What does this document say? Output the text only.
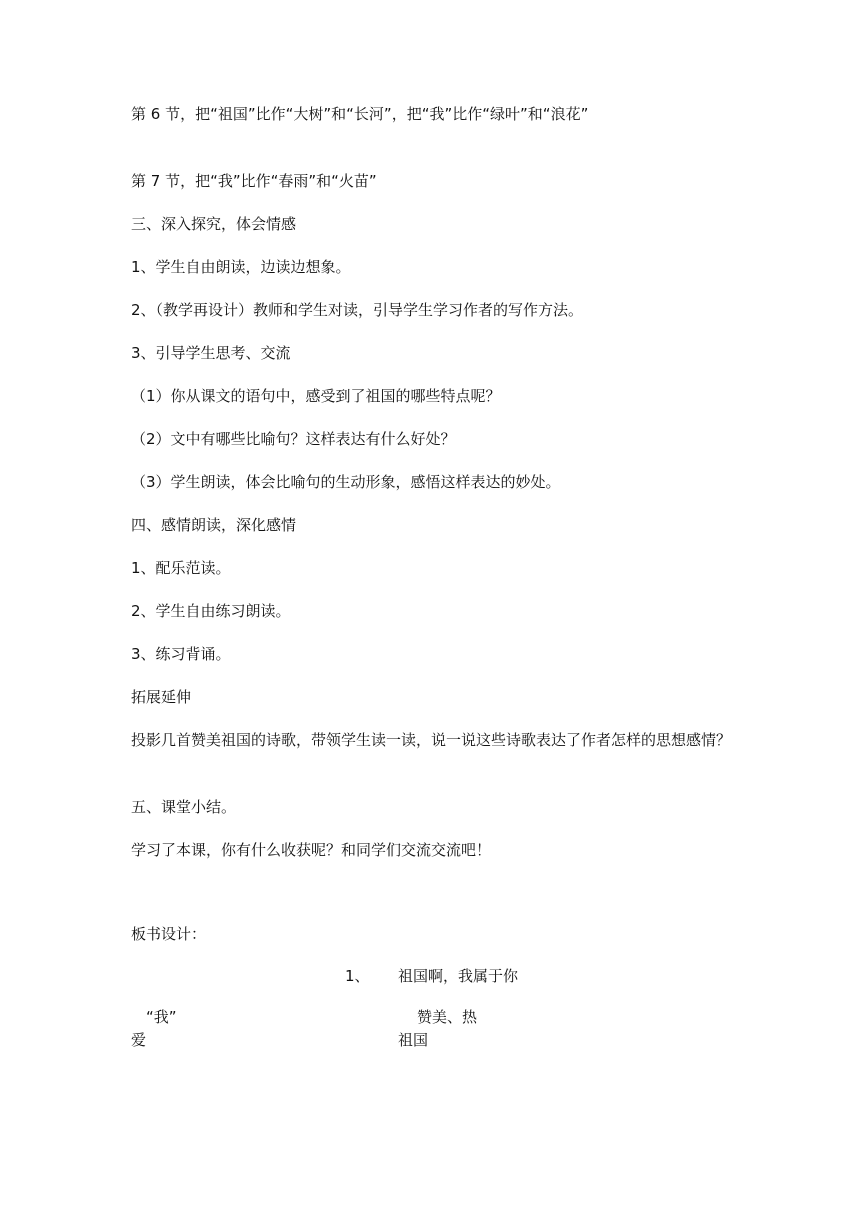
第 6 节，把“祖国”比作“大树”和“长河”，把“我”比作“绿叶”和“浪花”
第 7 节，把“我”比作“春雨”和“火苗”
三、深入探究，体会情感
1、学生自由朗读，边读边想象。
2、（教学再设计）教师和学生对读，引导学生学习作者的写作方法。
3、引导学生思考、交流
（1）你从课文的语句中，感受到了祖国的哪些特点呢？
（2）文中有哪些比喻句？这样表达有什么好处？
（3）学生朗读，体会比喻句的生动形象，感悟这样表达的妙处。
四、感情朗读，深化感情
1、配乐范读。
2、学生自由练习朗读。
3、练习背诵。
拓展延伸
投影几首赞美祖国的诗歌，带领学生读一读，说一说这些诗歌表达了作者怎样的思想感情？
五、课堂小结。
学习了本课，你有什么收获呢？和同学们交流交流吧！
板书设计：
1、 祖国啊，我属于你
“我”
爱
赞美、热
祖国
